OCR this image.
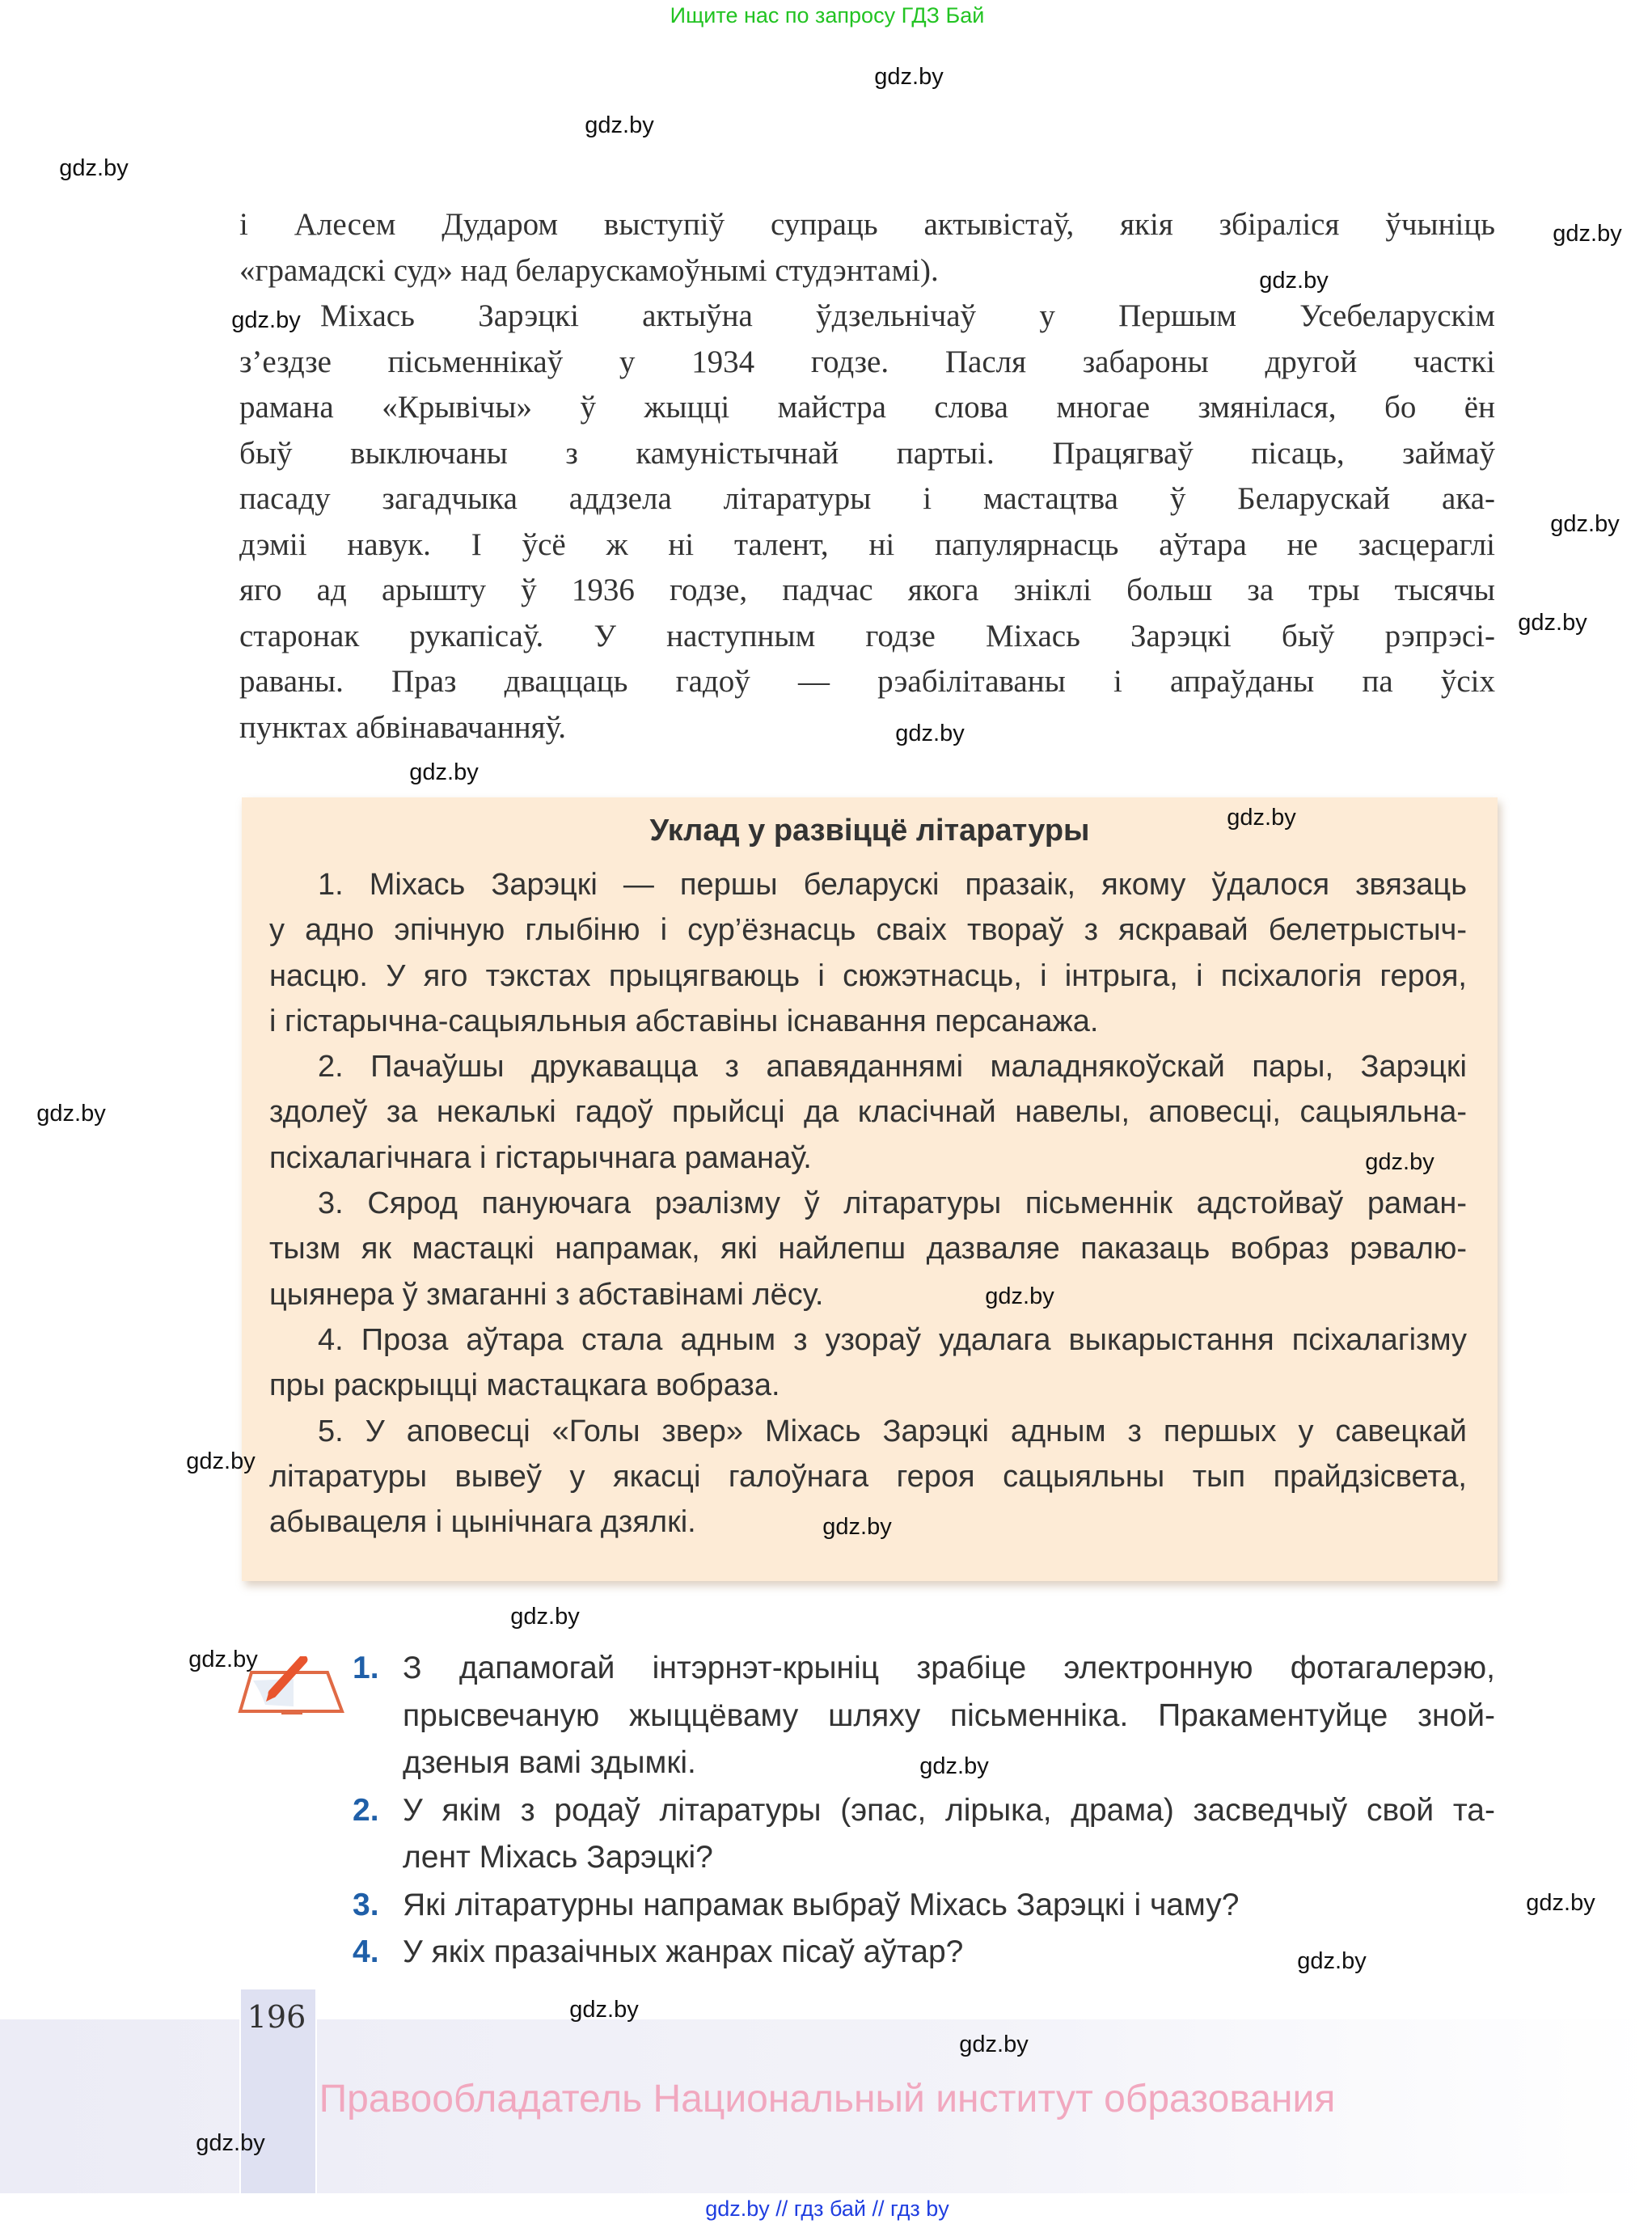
Ищите нас по запросу ГДЗ Бай
і Алесем Дударом выступіў супраць актывістаў, якія збіраліся ўчыніць
«грамадскі суд» над беларускамоўнымі студэнтамі).
Міхась Зарэцкі актыўна ўдзельнічаў у Першым Усебеларускім
з’ездзе пісьменнікаў у 1934 годзе. Пасля забароны другой часткі
рамана «Крывічы» ў жыцці майстра слова многае змянілася, бо ён
быў выключаны з камуністычнай партыі. Працягваў пісаць, займаў
пасаду загадчыка аддзела літаратуры і мастацтва ў Беларускай ака-
дэміі навук. І ўсё ж ні талент, ні папулярнасць аўтара не засцераглі
яго ад арышту ў 1936 годзе, падчас якога зніклі больш за тры тысячы
старонак рукапісаў. У наступным годзе Міхась Зарэцкі быў рэпрэсі-
раваны. Праз дваццаць гадоў — рэабілітаваны і апраўданы па ўсіх
пунктах абвінавачанняў.
Уклад у развіццё літаратуры
1. Міхась Зарэцкі — першы беларускі празаік, якому ўдалося звязаць
у адно эпічную глыбіню і сур’ёзнасць сваіх твораў з яскравай белетрыстыч-
насцю. У яго тэкстах прыцягваюць і сюжэтнасць, і інтрыга, і псіхалогія героя,
і гістарычна-сацыяльныя абставіны існавання персанажа.
2. Пачаўшы друкавацца з апавяданнямі маладнякоўскай пары, Зарэцкі
здолеў за некалькі гадоў прыйсці да класічнай навелы, аповесці, сацыяльна-
псіхалагічнага і гістарычнага раманаў.
3. Сярод пануючага рэалізму ў літаратуры пісьменнік адстойваў раман-
тызм як мастацкі напрамак, які найлепш дазваляе паказаць вобраз рэвалю-
цыянера ў змаганні з абставінамі лёсу.
4. Проза аўтара стала адным з узораў удалага выкарыстання псіхалагізму
пры раскрыцці мастацкага вобраза.
5. У аповесці «Голы звер» Міхась Зарэцкі адным з першых у савецкай
літаратуры вывеў у якасці галоўнага героя сацыяльны тып прайдзісвета,
абывацеля і цынічнага дзялкі.
1. З дапамогай інтэрнэт-крыніц зрабіце электронную фотагалерэю,
прысвечаную жыццёваму шляху пісьменніка. Пракаментуйце зной-
дзеныя вамі здымкі.
2. У якім з родаў літаратуры (эпас, лірыка, драма) засведчыў свой та-
лент Міхась Зарэцкі?
3. Які літаратурны напрамак выбраў Міхась Зарэцкі і чаму?
4. У якіх празаічных жанрах пісаў аўтар?
196
Правообладатель Национальный институт образования
gdz.by // гдз бай // гдз by
gdz.by
gdz.by
gdz.by
gdz.by
gdz.by
gdz.by
gdz.by
gdz.by
gdz.by
gdz.by
gdz.by
gdz.by
gdz.by
gdz.by
gdz.by
gdz.by
gdz.by
gdz.by
gdz.by
gdz.by
gdz.by
gdz.by
gdz.by
gdz.by
